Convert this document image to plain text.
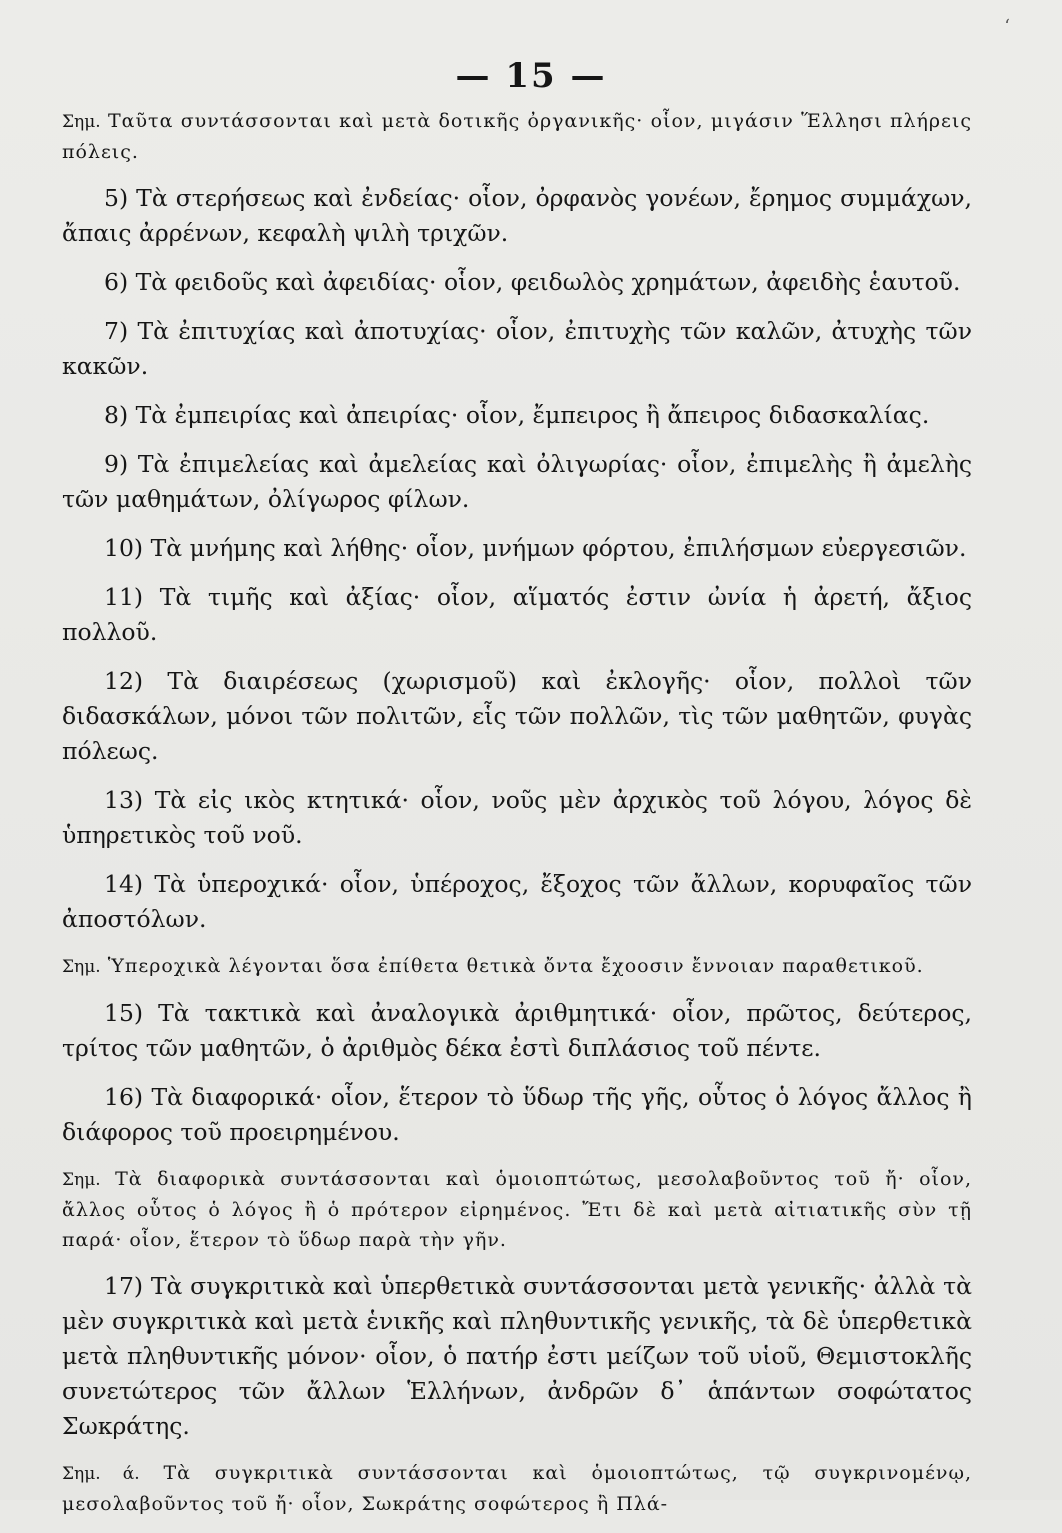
‘
— 15 —

Σημ. Ταῦτα συντάσσονται καὶ μετὰ δοτικῆς ὀργανικῆς· οἷον, μιγάσιν Ἕλλησι πλήρεις πόλεις.

5) Τὰ στερήσεως καὶ ἐνδείας· οἷον, ὀρφανὸς γονέων, ἔρημος συμμάχων, ἄπαις ἀρρένων, κεφαλὴ ψιλὴ τριχῶν.

6) Τὰ φειδοῦς καὶ ἀφειδίας· οἷον, φειδωλὸς χρημάτων, ἀφειδὴς ἑαυτοῦ.

7) Τὰ ἐπιτυχίας καὶ ἀποτυχίας· οἷον, ἐπιτυχὴς τῶν καλῶν, ἀτυχὴς τῶν κακῶν.

8) Τὰ ἐμπειρίας καὶ ἀπειρίας· οἷον, ἔμπειρος ἢ ἄπειρος διδασκαλίας.

9) Τὰ ἐπιμελείας καὶ ἀμελείας καὶ ὀλιγωρίας· οἷον, ἐπιμελὴς ἢ ἀμελὴς τῶν μαθημάτων, ὀλίγωρος φίλων.

10) Τὰ μνήμης καὶ λήθης· οἷον, μνήμων φόρτου, ἐπιλήσμων εὐεργεσιῶν.

11) Τὰ τιμῆς καὶ ἀξίας· οἷον, αἵματός ἐστιν ὠνία ἡ ἀρετή, ἄξιος πολλοῦ.

12) Τὰ διαιρέσεως (χωρισμοῦ) καὶ ἐκλογῆς· οἷον, πολλοὶ τῶν διδασκάλων, μόνοι τῶν πολιτῶν, εἷς τῶν πολλῶν, τὶς τῶν μαθητῶν, φυγὰς πόλεως.

13) Τὰ εἰς ικὸς κτητικά· οἷον, νοῦς μὲν ἀρχικὸς τοῦ λόγου, λόγος δὲ ὑπηρετικὸς τοῦ νοῦ.

14) Τὰ ὑπεροχικά· οἷον, ὑπέροχος, ἔξοχος τῶν ἄλλων, κορυφαῖος τῶν ἀποστόλων.

Σημ. Ὑπεροχικὰ λέγονται ὅσα ἐπίθετα θετικὰ ὄντα ἔχοοσιν ἔννοιαν παραθετικοῦ.

15) Τὰ τακτικὰ καὶ ἀναλογικὰ ἀριθμητικά· οἷον, πρῶτος, δεύτερος, τρίτος τῶν μαθητῶν, ὁ ἀριθμὸς δέκα ἐστὶ διπλάσιος τοῦ πέντε.

16) Τὰ διαφορικά· οἷον, ἕτερον τὸ ὕδωρ τῆς γῆς, οὗτος ὁ λόγος ἄλλος ἢ διάφορος τοῦ προειρημένου.

Σημ. Τὰ διαφορικὰ συντάσσονται καὶ ὁμοιοπτώτως, μεσολαβοῦντος τοῦ ἤ· οἷον, ἄλλος οὗτος ὁ λόγος ἢ ὁ πρότερον εἰρημένος. Ἔτι δὲ καὶ μετὰ αἰτιατικῆς σὺν τῇ παρά· οἷον, ἕτερον τὸ ὕδωρ παρὰ τὴν γῆν.

17) Τὰ συγκριτικὰ καὶ ὑπερθετικὰ συντάσσονται μετὰ γενικῆς· ἀλλὰ τὰ μὲν συγκριτικὰ καὶ μετὰ ἑνικῆς καὶ πληθυντικῆς γενικῆς, τὰ δὲ ὑπερθετικὰ μετὰ πληθυντικῆς μόνον· οἷον, ὁ πατήρ ἐστι μείζων τοῦ υἱοῦ, Θεμιστοκλῆς συνετώτερος τῶν ἄλλων Ἑλλήνων, ἀνδρῶν δ᾽ ἁπάντων σοφώτατος Σωκράτης.

Σημ. ά. Τὰ συγκριτικὰ συντάσσονται καὶ ὁμοιοπτώτως, τῷ συγκρινομένῳ, μεσολαβοῦντος τοῦ ἤ· οἷον, Σωκράτης σοφώτερος ἢ Πλά-
